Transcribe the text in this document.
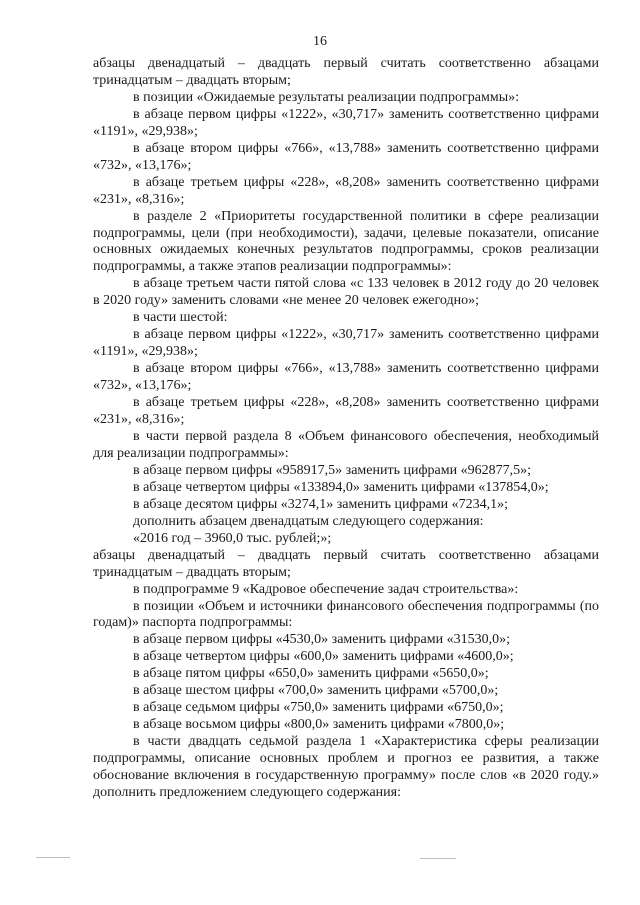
16

абзацы двенадцатый – двадцать первый считать соответственно абзацами тринадцатым – двадцать вторым;

в позиции «Ожидаемые результаты реализации подпрограммы»:

в абзаце первом цифры «1222», «30,717» заменить соответственно цифрами «1191», «29,938»;

в абзаце втором цифры «766», «13,788» заменить соответственно цифрами «732», «13,176»;

в абзаце третьем цифры «228», «8,208» заменить соответственно цифрами «231», «8,316»;

в разделе 2 «Приоритеты государственной политики в сфере реализации подпрограммы, цели (при необходимости), задачи, целевые показатели, описание основных ожидаемых конечных результатов подпрограммы, сроков реализации подпрограммы, а также этапов реализации подпрограммы»:

в абзаце третьем части пятой слова «с 133 человек в 2012 году до 20 человек в 2020 году» заменить словами «не менее 20 человек ежегодно»;

в части шестой:

в абзаце первом цифры «1222», «30,717» заменить соответственно цифрами «1191», «29,938»;

в абзаце втором цифры «766», «13,788» заменить соответственно цифрами «732», «13,176»;

в абзаце третьем цифры «228», «8,208» заменить соответственно цифрами «231», «8,316»;

в части первой раздела 8 «Объем финансового обеспечения, необходимый для реализации подпрограммы»:

в абзаце первом цифры «958917,5» заменить цифрами «962877,5»;

в абзаце четвертом цифры «133894,0» заменить цифрами «137854,0»;

в абзаце десятом цифры «3274,1» заменить цифрами «7234,1»;

дополнить абзацем двенадцатым следующего содержания:

«2016 год – 3960,0 тыс. рублей;»;

абзацы двенадцатый – двадцать первый считать соответственно абзацами тринадцатым – двадцать вторым;

в подпрограмме 9 «Кадровое обеспечение задач строительства»:

в позиции «Объем и источники финансового обеспечения подпрограммы (по годам)» паспорта подпрограммы:

в абзаце первом цифры «4530,0» заменить цифрами «31530,0»;

в абзаце четвертом цифры «600,0» заменить цифрами «4600,0»;

в абзаце пятом цифры «650,0» заменить цифрами «5650,0»;

в абзаце шестом цифры «700,0» заменить цифрами «5700,0»;

в абзаце седьмом цифры «750,0» заменить цифрами «6750,0»;

в абзаце восьмом цифры «800,0» заменить цифрами «7800,0»;

в части двадцать седьмой раздела 1 «Характеристика сферы реализации подпрограммы, описание основных проблем и прогноз ее развития, а также обоснование включения в государственную программу» после слов «в 2020 году.» дополнить предложением следующего содержания:
